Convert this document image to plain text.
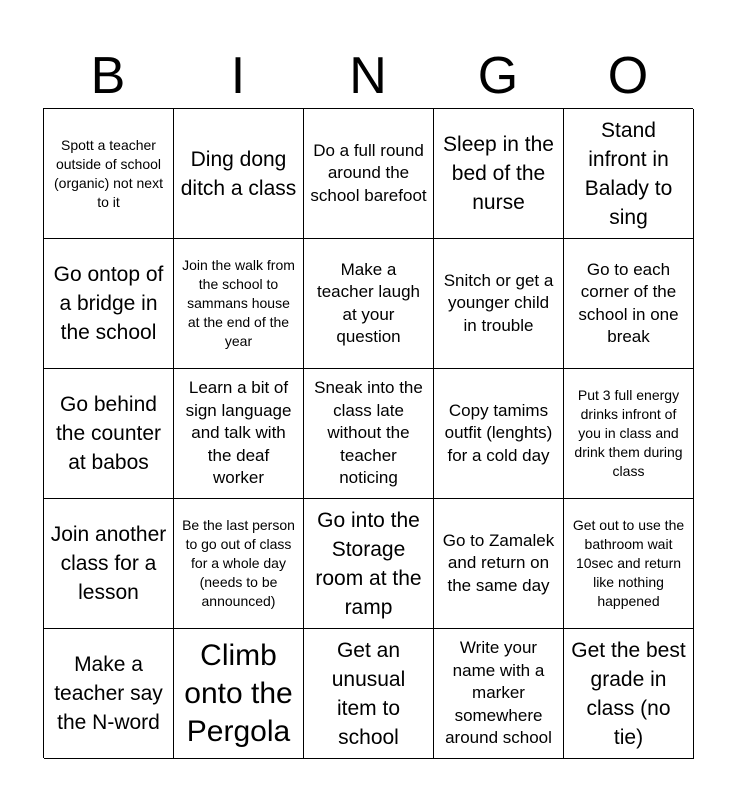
B	I	N	G	O
Spott a teacher outside of school (organic) not next to it
Ding dong ditch a class
Do a full round around the school barefoot
Sleep in the bed of the nurse
Stand infront in Balady to sing
Go ontop of a bridge in the school
Join the walk from the school to sammans house at the end of the year
Make a teacher laugh at your question
Snitch or get a younger child in trouble
Go to each corner of the school in one break
Go behind the counter at babos
Learn a bit of sign language and talk with the deaf worker
Sneak into the class late without the teacher noticing
Copy tamims outfit (lenghts) for a cold day
Put 3 full energy drinks infront of you in class and drink them during class
Join another class for a lesson
Be the last person to go out of class for a whole day (needs to be announced)
Go into the Storage room at the ramp
Go to Zamalek and return on the same day
Get out to use the bathroom wait 10sec and return like nothing happened
Make a teacher say the N-word
Climb onto the Pergola
Get an unusual item to school
Write your name with a marker somewhere around school
Get the best grade in class (no tie)
